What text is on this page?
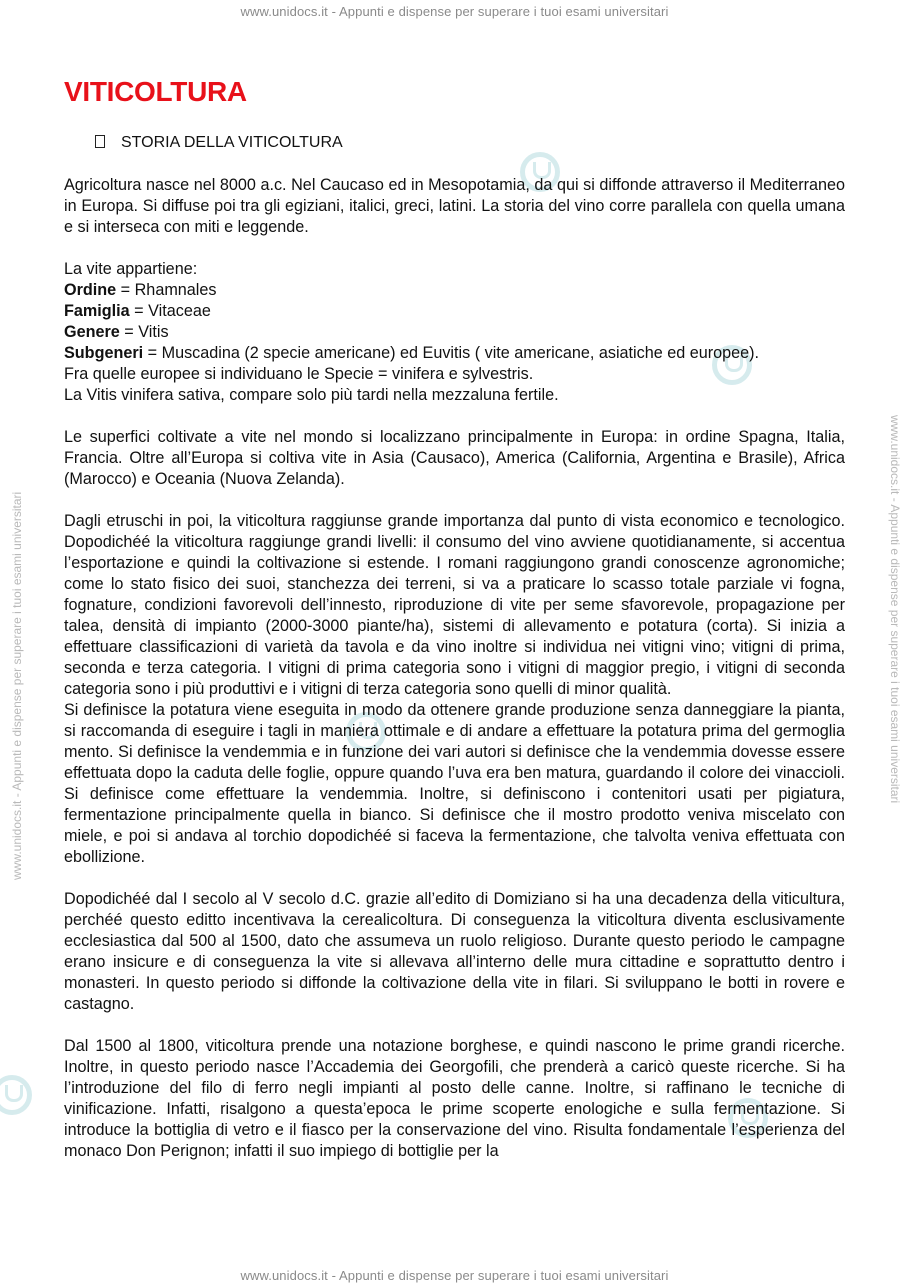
www.unidocs.it - Appunti e dispense per superare i tuoi esami universitari
www.unidocs.it - Appunti e dispense per superare i tuoi esami universitari	www.unidocs.it - Appunti e dispense per superare i tuoi esami universitari
VITICOLTURA
STORIA DELLA VITICOLTURA

Agricoltura nasce nel 8000 a.c. Nel Caucaso ed in Mesopotamia, da qui si diffonde attraverso il Mediterraneo in Europa. Si diffuse poi tra gli egiziani, italici, greci, latini. La storia del vino corre parallela con quella umana e si interseca con miti e leggende.

La vite appartiene:
Ordine = Rhamnales
Famiglia = Vitaceae
Genere = Vitis
Subgeneri = Muscadina (2 specie americane) ed Euvitis ( vite americane, asiatiche ed europee).
Fra quelle europee si individuano le Specie = vinifera e sylvestris.
La Vitis vinifera sativa, compare solo più tardi nella mezzaluna fertile.

Le superfici coltivate a vite nel mondo si localizzano principalmente in Europa: in ordine Spagna, Italia, Francia. Oltre all’Europa si coltiva vite in Asia (Causaco), America (California, Argentina e Brasile), Africa (Marocco) e Oceania (Nuova Zelanda).

Dagli etruschi in poi, la viticoltura raggiunse grande importanza dal punto di vista economico e tecnologico. Dopodichéé la viticoltura raggiunge grandi livelli: il consumo del vino avviene quotidianamente, si accentua l’esportazione e quindi la coltivazione si estende. I romani raggiungono grandi conoscenze agronomiche; come lo stato fisico dei suoi, stanchezza dei terreni, si va a praticare lo scasso totale parziale vi fogna, fognature, condizioni favorevoli dell’innesto, riproduzione di vite per seme sfavorevole, propagazione per talea, densità di impianto (2000-3000 piante/ha), sistemi di allevamento e potatura (corta). Si inizia a effettuare classificazioni di varietà da tavola e da vino inoltre si individua nei vitigni vino; vitigni di prima, seconda e terza categoria. I vitigni di prima categoria sono i vitigni di maggior pregio, i vitigni di seconda categoria sono i più produttivi e i vitigni di terza categoria sono quelli di minor qualità.

Si definisce la potatura viene eseguita in modo da ottenere grande produzione senza danneggiare la pianta, si raccomanda di eseguire i tagli in maniera ottimale e di andare a effettuare la potatura prima del germoglia mento. Si definisce la vendemmia e in funzione dei vari autori si definisce che la vendemmia dovesse essere effettuata dopo la caduta delle foglie, oppure quando l’uva era ben matura, guardando il colore dei vinaccioli. Si definisce come effettuare la vendemmia. Inoltre, si definiscono i contenitori usati per pigiatura, fermentazione principalmente quella in bianco. Si definisce che il mostro prodotto veniva miscelato con miele, e poi si andava al torchio dopodichéé si faceva la fermentazione, che talvolta veniva effettuata con ebollizione.

Dopodichéé dal I secolo al V secolo d.C. grazie all’edito di Domiziano si ha una decadenza della viticultura, perchéé questo editto incentivava la cerealicoltura. Di conseguenza la viticoltura diventa esclusivamente ecclesiastica dal 500 al 1500, dato che assumeva un ruolo religioso. Durante questo periodo le campagne erano insicure e di conseguenza la vite si allevava all’interno delle mura cittadine e soprattutto dentro i monasteri. In questo periodo si diffonde la coltivazione della vite in filari. Si sviluppano le botti in rovere e castagno.

Dal 1500 al 1800, viticoltura prende una notazione borghese, e quindi nascono le prime grandi ricerche. Inoltre, in questo periodo nasce l’Accademia dei Georgofili, che prenderà a caricò queste ricerche. Si ha l’introduzione del filo di ferro negli impianti al posto delle canne. Inoltre, si raffinano le tecniche di vinificazione. Infatti, risalgono a questa’epoca le prime scoperte enologiche e sulla fermentazione. Si introduce la bottiglia di vetro e il fiasco per la conservazione del vino. Risulta fondamentale l’esperienza del monaco Don Perignon; infatti il suo impiego di bottiglie per la

www.unidocs.it - Appunti e dispense per superare i tuoi esami universitari
